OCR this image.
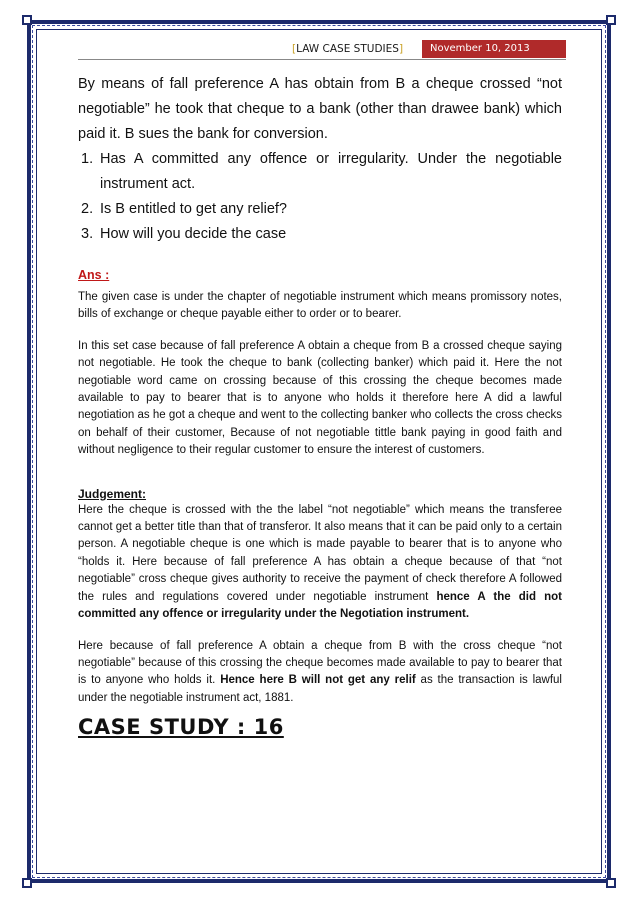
[LAW CASE STUDIES]	November 10, 2013

By means of fall preference A has obtain from B a cheque crossed “not negotiable” he took that cheque to a bank (other than drawee bank) which paid it. B sues the bank for conversion.

1. Has A committed any offence or irregularity. Under the negotiable instrument act.
2. Is B entitled to get any relief?
3. How will you decide the case
Ans :

The given case is under the chapter of negotiable instrument which means promissory notes, bills of exchange or cheque payable either to order or to bearer.

In this set case because of fall preference A obtain a cheque from B a crossed cheque saying not negotiable. He took the cheque to bank (collecting banker) which paid it. Here the not negotiable word came on crossing because of this crossing the cheque becomes made available to pay to bearer that is to anyone who holds it therefore here A did a lawful negotiation as he got a cheque and went to the collecting banker who collects the cross checks on behalf of their customer, Because of not negotiable tittle bank paying in good faith and without negligence to their regular customer to ensure the interest of customers.

Judgement:

Here the cheque is crossed with the the label “not negotiable” which means the transferee cannot get a better title than that of transferor. It also means that it can be paid only to a certain person. A negotiable cheque is one which is made payable to bearer that is to anyone who “holds it. Here because of fall preference A has obtain a cheque because of that “not negotiable” cross cheque gives authority to receive the payment of check therefore A followed the rules and regulations covered under negotiable instrument hence A the did not committed any offence or irregularity under the Negotiation instrument.

Here because of fall preference A obtain a cheque from B with the cross cheque “not negotiable” because of this crossing the cheque becomes made available to pay to bearer that is to anyone who holds it. Hence here B will not get any relif as the transaction is lawful under the negotiable instrument act, 1881.

CASE STUDY : 16
